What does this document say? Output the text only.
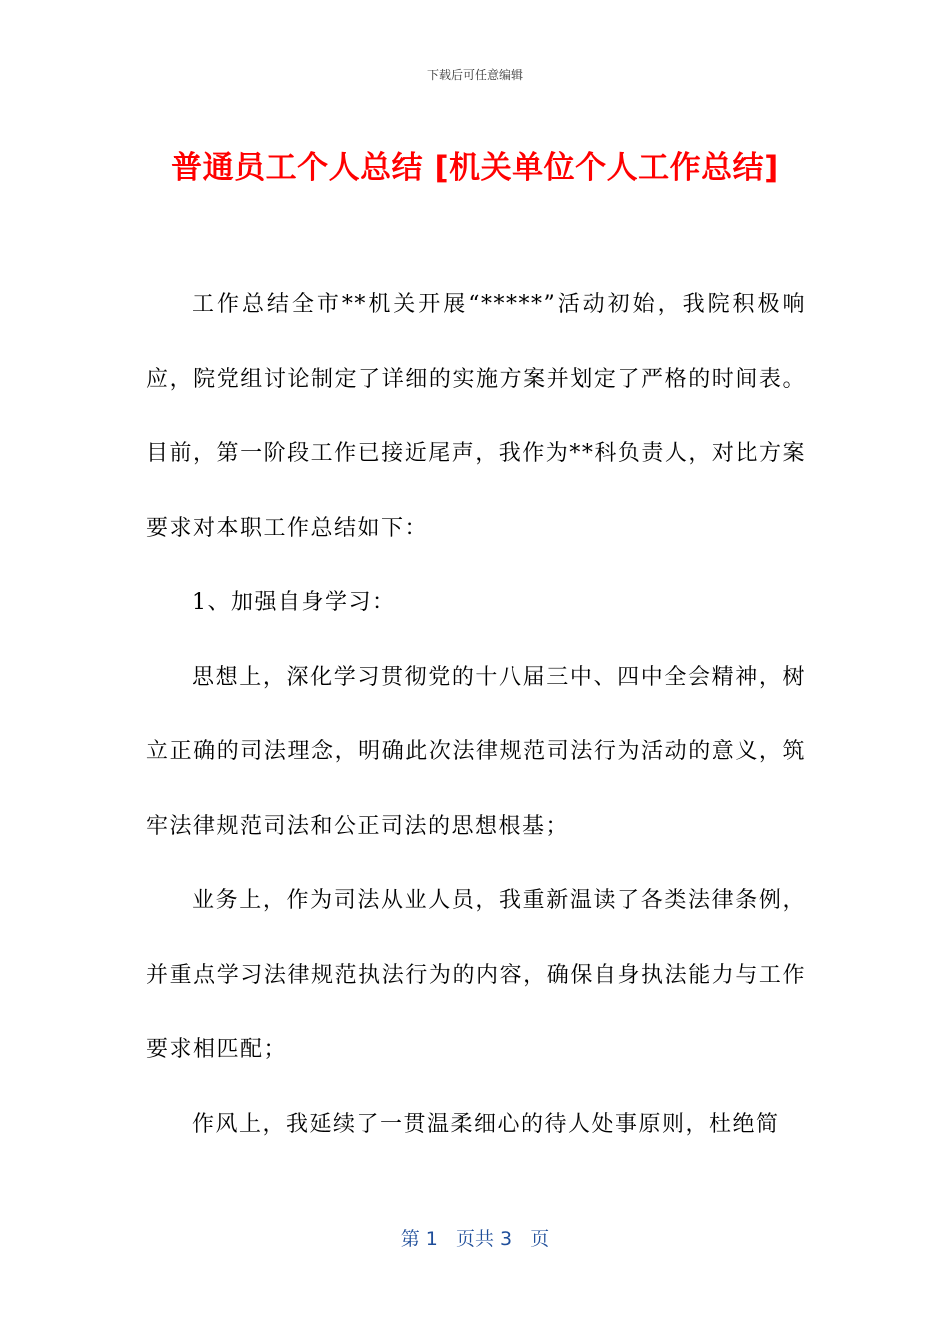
下载后可任意编辑
普通员工个人总结 [机关单位个人工作总结]

工作总结全市**机关开展“*****”活动初始，我院积极响应，院党组讨论制定了详细的实施方案并划定了严格的时间表。目前，第一阶段工作已接近尾声，我作为**科负责人，对比方案要求对本职工作总结如下：

1、加强自身学习：

思想上，深化学习贯彻党的十八届三中、四中全会精神，树立正确的司法理念，明确此次法律规范司法行为活动的意义，筑牢法律规范司法和公正司法的思想根基；

业务上，作为司法从业人员，我重新温读了各类法律条例，并重点学习法律规范执法行为的内容，确保自身执法能力与工作要求相匹配；

作风上，我延续了一贯温柔细心的待人处事原则，杜绝简

第 1   页共 3   页
